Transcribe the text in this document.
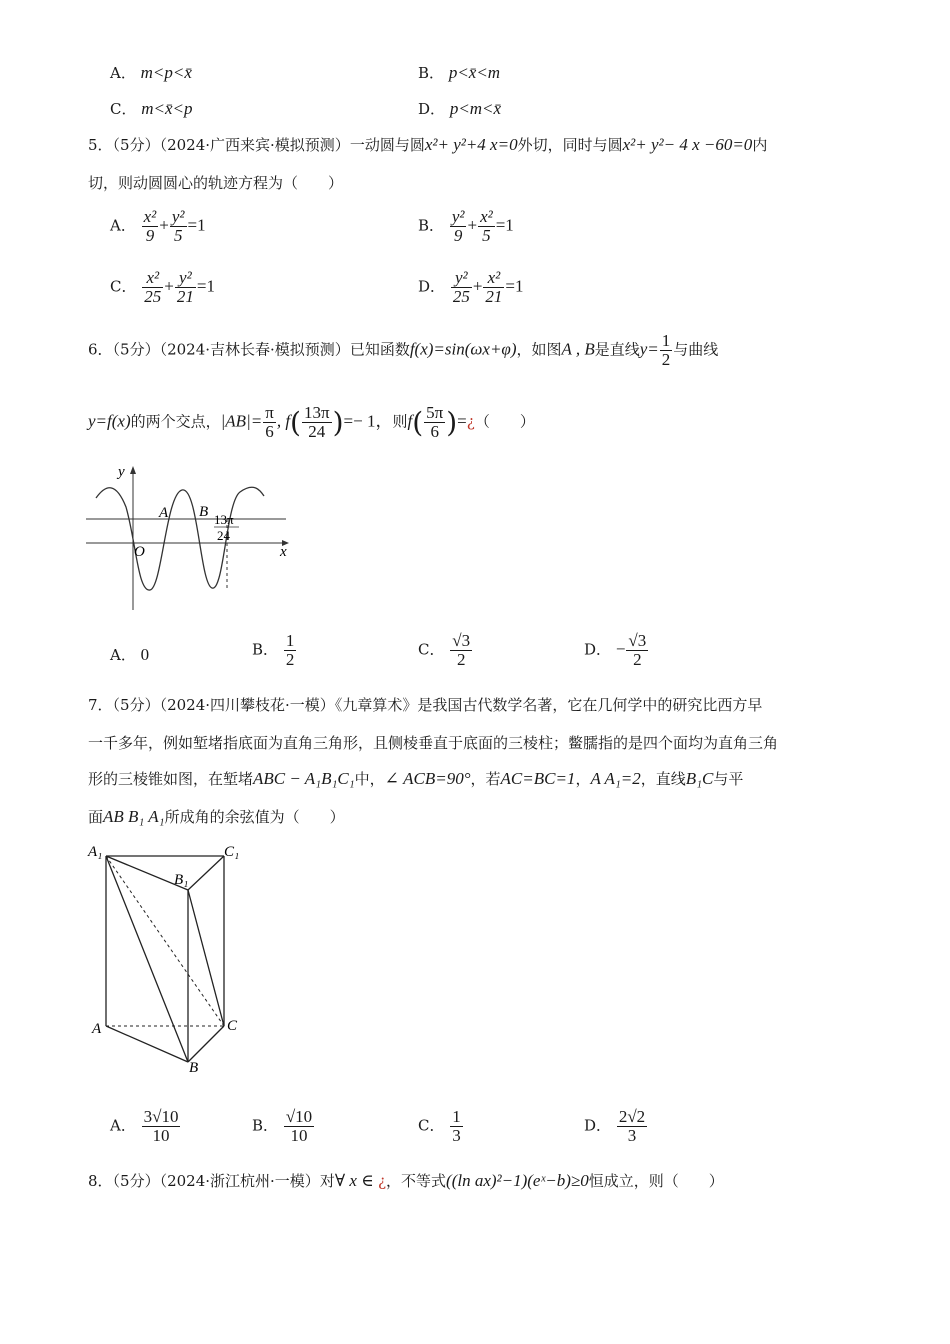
A． m<p<x̄	B． p<x̄<m
C． m<x̄<p	D． p<m<x̄
5．（5分）（2024·广西来宾·模拟预测）一动圆与圆x²+ y²+4 x=0外切，同时与圆x²+ y²− 4 x −60=0内
切，则动圆圆心的轨迹方程为（　　）
A． $\frac{\text{x²}}{9} + \frac{\text{y²}}{5} =1$	B． $\frac{\text{y²}}{9} + \frac{\text{x²}}{5} =1$
C． $\frac{\text{x²}}{25} + \frac{\text{y²}}{21} =1$	D． $\frac{\text{y²}}{25} + \frac{\text{x²}}{21} =1$
6．（5分）（2024·吉林长春·模拟预测）已知函数f(x)=sin(ωx+φ)，如图A , B是直线$y= \frac{1}{2}$ 与曲线
y=f(x)的两个交点，$|AB|= \frac{\pi}{6}$ , $f( \frac{13\pi}{24}$ )=− 1，则$f( \frac{5\pi}{6}$ )=¿（　　）
y
x
O
A B 13π
24
A． 0	B． $\frac{1}{2}$	C． $\frac{√3}{2}$	D． − $\frac{√3}{2}$
7．（5分）（2024·四川攀枝花·一模）《九章算术》是我国古代数学名著，它在几何学中的研究比西方早
一千多年，例如堑堵指底面为直角三角形，且侧棱垂直于底面的三棱柱；鳖臑指的是四个面均为直角三角
形的三棱锥如图，在堑堵ABC − A₁B₁C₁中，∠ ACB=90°，若AC=BC=1，A A₁=2，直线B₁C与平
面AB B₁ A₁所成角的余弦值为（　　）
A₁	C₁
B₁
A	C
B
A． $\frac{3√10}{10}$	B． $\frac{√10}{10}$	C． $\frac{1}{3}$	D． $\frac{2√2}{3}$
8．（5分）（2024·浙江杭州·一模）对∀ x ∈ ¿，不等式((ln ax)²−1)(eˣ−b)≥0恒成立，则（　　）
